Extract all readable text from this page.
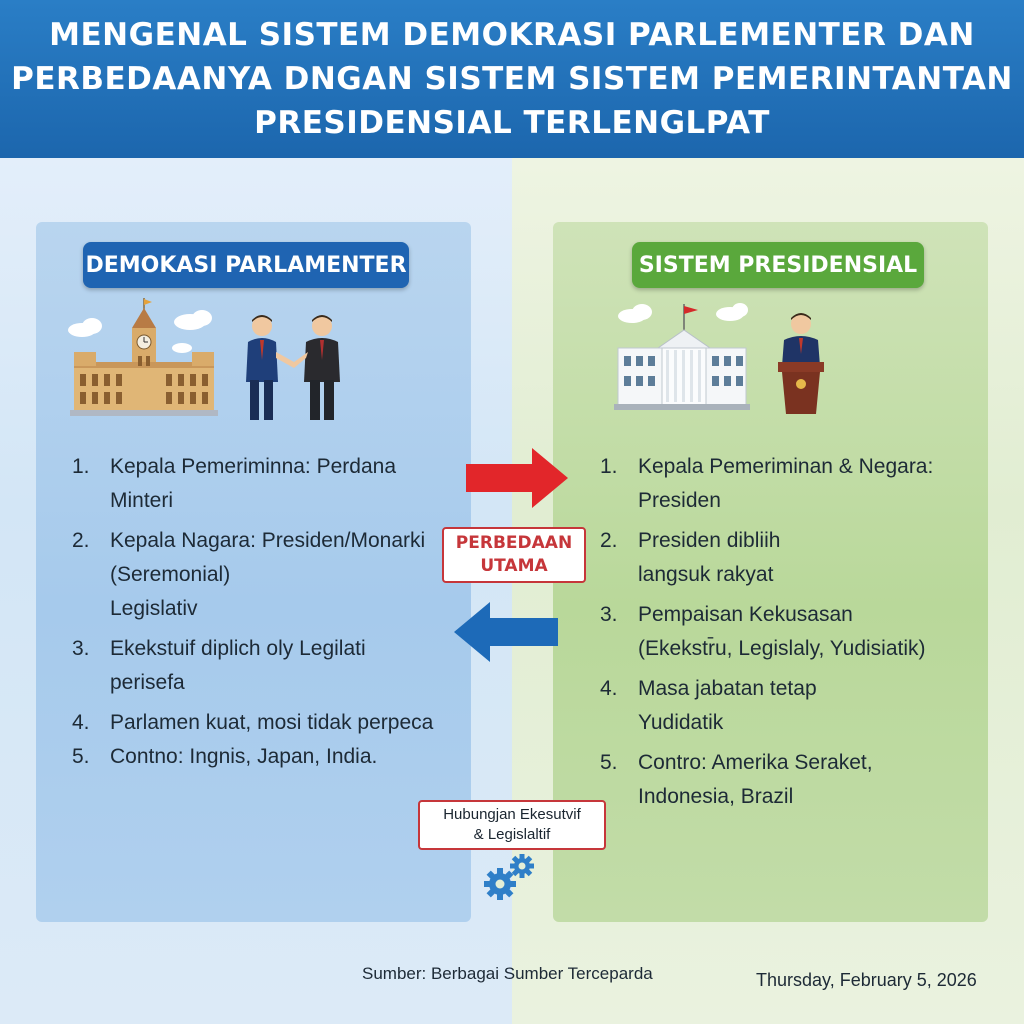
MENGENAL SISTEM DEMOKRASI PARLEMENTER DAN
PERBEDAANYA DNGAN SISTEM SISTEM PEMERINTANTAN
PRESIDENSIAL TERLENGLPAT
DEMOKASI PARLAMENTER	SISTEM PRESIDENSIAL
1. Kepala Pemeriminna: Perdana
Minteri
2. Kepala Nagara: Presiden/Monarki
(Seremonial)
Legislativ
3. Ekekstuif diplich oly Legilati
perisefa
4. Parlamen kuat, mosi tidak perpeca
5. Contno: Ingnis, Japan, India.
1. Kepala Pemeriminan & Negara:
Presiden
2. Presiden dibliih
langsuk rakyat
3. Pempaisan Kekusasan
(Ekekstr̄u, Legislaly, Yudisiatik)
4. Masa jabatan tetap
Yudidatik
5. Contro: Amerika Seraket,
Indonesia, Brazil
PERBEDAAN
UTAMA
Hubungjan Ekesutvif
& Legislaltif
Sumber: Berbagai Sumber Terceparda	Thursday, February 5, 2026
